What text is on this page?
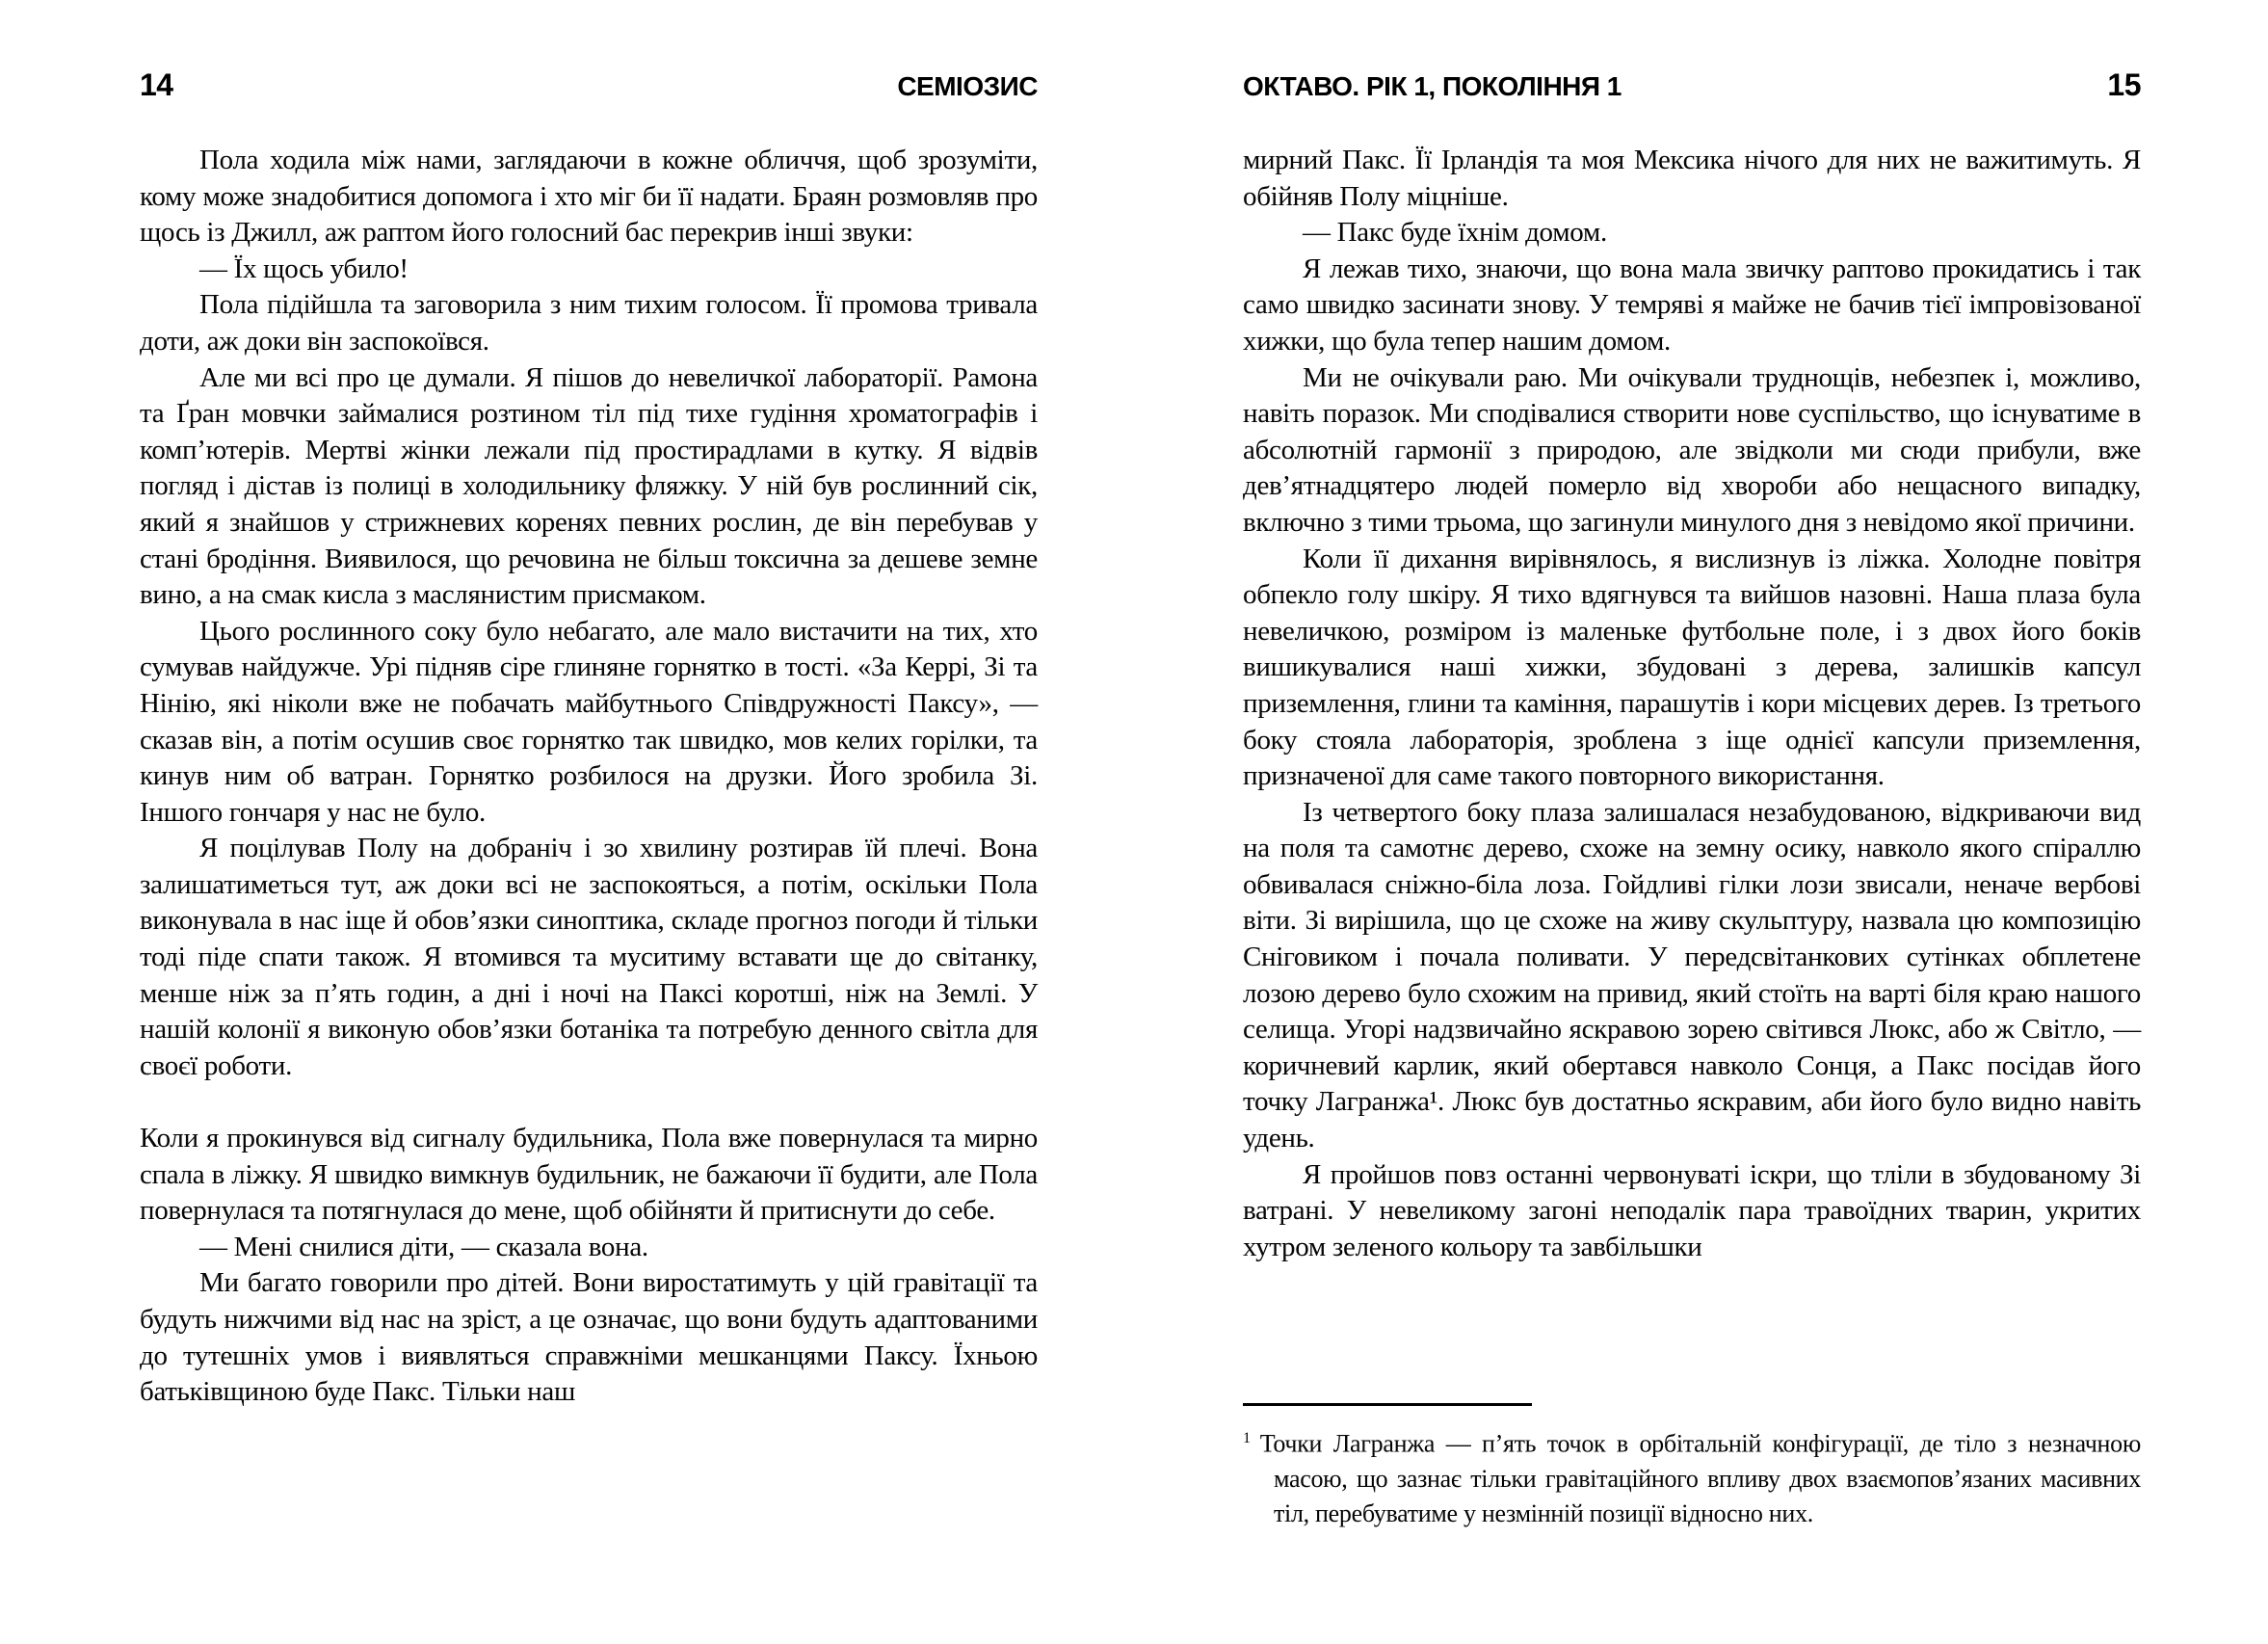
14	СЕМІОЗИС

Пола ходила між нами, заглядаючи в кожне обличчя, щоб зрозуміти, кому може знадобитися допомога і хто міг би її надати. Браян розмовляв про щось із Джилл, аж раптом його голосний бас перекрив інші звуки:

— Їх щось убило!

Пола підійшла та заговорила з ним тихим голосом. Її промова тривала доти, аж доки він заспокоївся.

Але ми всі про це думали. Я пішов до невеличкої лабораторії. Рамона та Ґран мовчки займалися розтином тіл під тихе гудіння хроматографів і комп’ютерів. Мертві жінки лежали під простирадлами в кутку. Я відвів погляд і дістав із полиці в холодильнику фляжку. У ній був рослинний сік, який я знайшов у стрижневих коренях певних рослин, де він перебував у стані бродіння. Виявилося, що речовина не більш токсична за дешеве земне вино, а на смак кисла з маслянистим присмаком.

Цього рослинного соку було небагато, але мало вистачити на тих, хто сумував найдужче. Урі підняв сіре глиняне горнятко в тості. «За Керрі, Зі та Нінію, які ніколи вже не побачать майбутнього Співдружності Паксу», — сказав він, а потім осушив своє горнятко так швидко, мов келих горілки, та кинув ним об ватран. Горнятко розбилося на друзки. Його зробила Зі. Іншого гончаря у нас не було.

Я поцілував Полу на добраніч і зо хвилину розтирав їй плечі. Вона залишатиметься тут, аж доки всі не заспокояться, а потім, оскільки Пола виконувала в нас іще й обов’язки синоптика, складе прогноз погоди й тільки тоді піде спати також. Я втомився та муситиму вставати ще до світанку, менше ніж за п’ять годин, а дні і ночі на Паксі коротші, ніж на Землі. У нашій колонії я виконую обов’язки ботаніка та потребую денного світла для своєї роботи.

Коли я прокинувся від сигналу будильника, Пола вже повернулася та мирно спала в ліжку. Я швидко вимкнув будильник, не бажаючи її будити, але Пола повернулася та потягнулася до мене, щоб обійняти й притиснути до себе.

— Мені снилися діти, — сказала вона.

Ми багато говорили про дітей. Вони виростатимуть у цій гравітації та будуть нижчими від нас на зріст, а це означає, що вони будуть адаптованими до тутешніх умов і виявляться справжніми мешканцями Паксу. Їхньою батьківщиною буде Пакс. Тільки наш

ОКТАВО. РІК 1, ПОКОЛІННЯ 1	15

мирний Пакс. Її Ірландія та моя Мексика нічого для них не важитимуть. Я обійняв Полу міцніше.

— Пакс буде їхнім домом.

Я лежав тихо, знаючи, що вона мала звичку раптово прокидатись і так само швидко засинати знову. У темряві я майже не бачив тієї імпровізованої хижки, що була тепер нашим домом.

Ми не очікували раю. Ми очікували труднощів, небезпек і, можливо, навіть поразок. Ми сподівалися створити нове суспільство, що існуватиме в абсолютній гармонії з природою, але звідколи ми сюди прибули, вже дев’ятнадцятеро людей померло від хвороби або нещасного випадку, включно з тими трьома, що загинули минулого дня з невідомо якої причини.

Коли її дихання вирівнялось, я вислизнув із ліжка. Холодне повітря обпекло голу шкіру. Я тихо вдягнувся та вийшов назовні. Наша плаза була невеличкою, розміром із маленьке футбольне поле, і з двох його боків вишикувалися наші хижки, збудовані з дерева, залишків капсул приземлення, глини та каміння, парашутів і кори місцевих дерев. Із третього боку стояла лабораторія, зроблена з іще однієї капсули приземлення, призначеної для саме такого повторного використання.

Із четвертого боку плаза залишалася незабудованою, відкриваючи вид на поля та самотнє дерево, схоже на земну осику, навколо якого спіраллю обвивалася сніжно-біла лоза. Гойдливі гілки лози звисали, неначе вербові віти. Зі вирішила, що це схоже на живу скульптуру, назвала цю композицію Сніговиком і почала поливати. У передсвітанкових сутінках обплетене лозою дерево було схожим на привид, який стоїть на варті біля краю нашого селища. Угорі надзвичайно яскравою зорею світився Люкс, або ж Світло, — коричневий карлик, який обертався навколо Сонця, а Пакс посідав його точку Лагранжа¹. Люкс був достатньо яскравим, аби його було видно навіть удень.

Я пройшов повз останні червонуваті іскри, що тліли в збудованому Зі ватрані. У невеликому загоні неподалік пара травоїдних тварин, укритих хутром зеленого кольору та завбільшки

$^1$ Точки Лагранжа — п’ять точок в орбітальній конфігурації, де тіло з незначною масою, що зазнає тільки гравітаційного впливу двох взаємопов’язаних масивних тіл, перебуватиме у незмінній позиції відносно них.
